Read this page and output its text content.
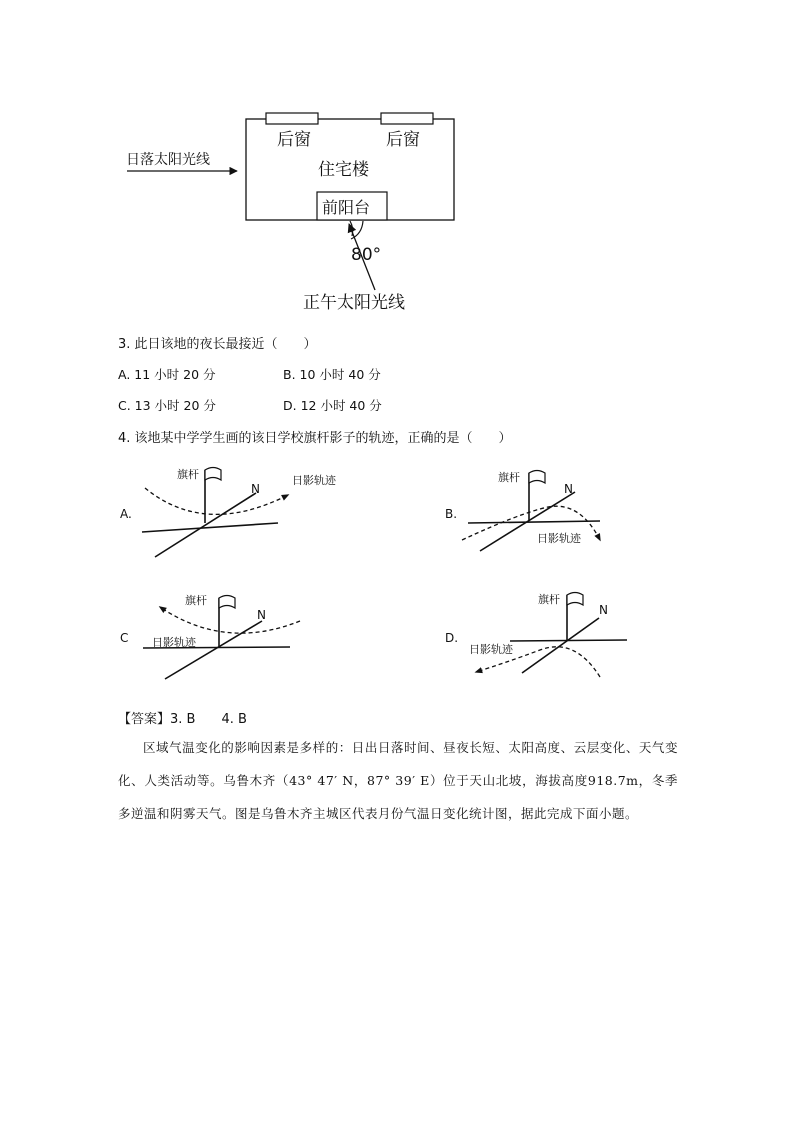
日落太阳光线
后窗	后窗
住宅楼
前阳台
80°
正午太阳光线
3. 此日该地的夜长最接近（　　）
A. 11 小时 20 分	B. 10 小时 40 分
C. 13 小时 20 分	D. 12 小时 40 分
4. 该地某中学学生画的该日学校旗杆影子的轨迹，正确的是（　　）
A.
旗杆
N
日影轨迹
B.
旗杆
N
日影轨迹
C
旗杆
N
日影轨迹	D.
旗杆
N
日影轨迹
【答案】3. B　　4. B
区域气温变化的影响因素是多样的：日出日落时间、昼夜长短、太阳高度、云层变化、天气变化、人类活动等。乌鲁木齐（43° 47′ N，87° 39′ E）位于天山北坡，海拔高度918.7m，冬季多逆温和阴雾天气。图是乌鲁木齐主城区代表月份气温日变化统计图，据此完成下面小题。
